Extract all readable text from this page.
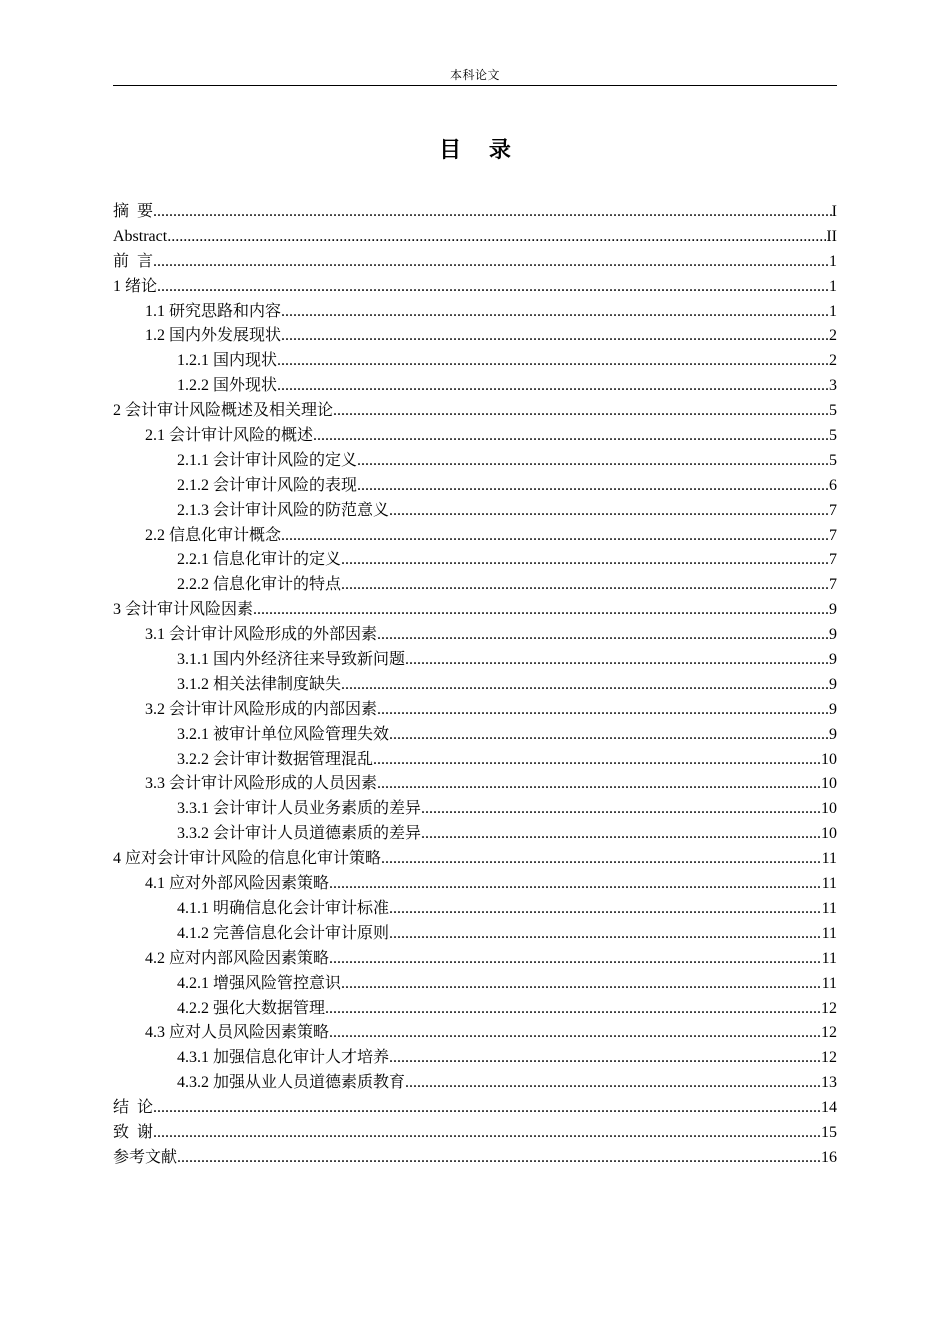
本科论文
目 录
摘  要 .....	I
Abstract .....	II
前  言 .....	1
1 绪论 .....	1
1.1 研究思路和内容 .....	1
1.2 国内外发展现状 .....	2
1.2.1 国内现状 .....	2
1.2.2 国外现状 .....	3
2 会计审计风险概述及相关理论 .....	5
2.1 会计审计风险的概述 .....	5
2.1.1 会计审计风险的定义 .....	5
2.1.2 会计审计风险的表现 .....	6
2.1.3 会计审计风险的防范意义 .....	7
2.2 信息化审计概念 .....	7
2.2.1 信息化审计的定义 .....	7
2.2.2 信息化审计的特点 .....	7
3 会计审计风险因素 .....	9
3.1 会计审计风险形成的外部因素 .....	9
3.1.1 国内外经济往来导致新问题 .....	9
3.1.2 相关法律制度缺失 .....	9
3.2 会计审计风险形成的内部因素 .....	9
3.2.1 被审计单位风险管理失效 .....	9
3.2.2 会计审计数据管理混乱 .....	10
3.3 会计审计风险形成的人员因素 .....	10
3.3.1 会计审计人员业务素质的差异 .....	10
3.3.2 会计审计人员道德素质的差异 .....	10
4 应对会计审计风险的信息化审计策略 .....	11
4.1 应对外部风险因素策略 .....	11
4.1.1 明确信息化会计审计标准 .....	11
4.1.2 完善信息化会计审计原则 .....	11
4.2 应对内部风险因素策略 .....	11
4.2.1 增强风险管控意识 .....	11
4.2.2 强化大数据管理 .....	12
4.3 应对人员风险因素策略 .....	12
4.3.1 加强信息化审计人才培养 .....	12
4.3.2 加强从业人员道德素质教育 .....	13
结  论 .....	14
致  谢 .....	15
参考文献 .....	16
